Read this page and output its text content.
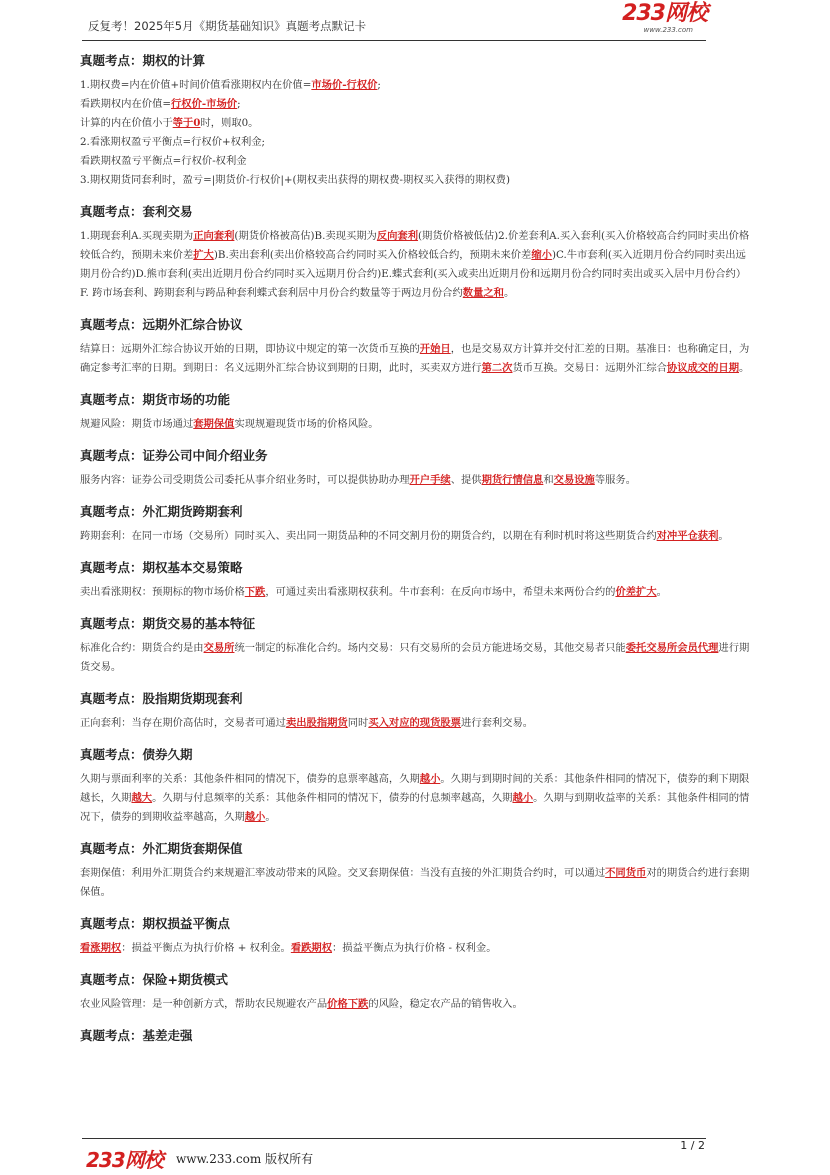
反复考！2025年5月《期货基础知识》真题考点默记卡	233网校
www.233.com
真题考点：期权的计算

1.期权费=内在价值+时间价值看涨期权内在价值=市场价-行权价;

看跌期权内在价值=行权价-市场价;

计算的内在价值小于等于0时，则取0。

2.看涨期权盈亏平衡点=行权价+权利金;

看跌期权盈亏平衡点=行权价-权利金

3.期权期货同套利时，盈亏=|期货价-行权价|+(期权卖出获得的期权费-期权买入获得的期权费)

真题考点：套利交易

1.期现套利A.买现卖期为正向套利(期货价格被高估)B.卖现买期为反向套利(期货价格被低估)2.价差套利A.买入套利(买入价格较高合约同时卖出价格较低合约，预期未来价差扩大)B.卖出套利(卖出价格较高合约同时买入价格较低合约，预期未来价差缩小)C.牛市套利(买入近期月份合约同时卖出远期月份合约)D.熊市套利(卖出近期月份合约同时买入远期月份合约)E.蝶式套利(买入或卖出近期月份和远期月份合约同时卖出或买入居中月份合约）F. 跨市场套利、跨期套利与跨品种套利蝶式套利居中月份合约数量等于两边月份合约数量之和。

真题考点：远期外汇综合协议

结算日：远期外汇综合协议开始的日期，即协议中规定的第一次货币互换的开始日，也是交易双方计算并交付汇差的日期。基准日：也称确定日，为确定参考汇率的日期。到期日：名义远期外汇综合协议到期的日期，此时，买卖双方进行第二次货币互换。交易日：远期外汇综合协议成交的日期。

真题考点：期货市场的功能

规避风险：期货市场通过套期保值实现规避现货市场的价格风险。

真题考点：证券公司中间介绍业务

服务内容：证券公司受期货公司委托从事介绍业务时，可以提供协助办理开户手续、提供期货行情信息和交易设施等服务。

真题考点：外汇期货跨期套利

跨期套利：在同一市场（交易所）同时买入、卖出同一期货品种的不同交割月份的期货合约，以期在有利时机时将这些期货合约对冲平仓获利。

真题考点：期权基本交易策略

卖出看涨期权：预期标的物市场价格下跌，可通过卖出看涨期权获利。牛市套利：在反向市场中，希望未来两份合约的价差扩大。

真题考点：期货交易的基本特征

标准化合约：期货合约是由交易所统一制定的标准化合约。场内交易：只有交易所的会员方能进场交易，其他交易者只能委托交易所会员代理进行期货交易。

真题考点：股指期货期现套利

正向套利：当存在期价高估时，交易者可通过卖出股指期货同时买入对应的现货股票进行套利交易。

真题考点：债券久期

久期与票面利率的关系：其他条件相同的情况下，债券的息票率越高，久期越小。久期与到期时间的关系：其他条件相同的情况下，债券的剩下期限越长，久期越大。久期与付息频率的关系：其他条件相同的情况下，债券的付息频率越高，久期越小。久期与到期收益率的关系：其他条件相同的情况下，债券的到期收益率越高，久期越小。

真题考点：外汇期货套期保值

套期保值：利用外汇期货合约来规避汇率波动带来的风险。交叉套期保值：当没有直接的外汇期货合约时，可以通过不同货币对的期货合约进行套期保值。

真题考点：期权损益平衡点

看涨期权：损益平衡点为执行价格 + 权利金。看跌期权：损益平衡点为执行价格 - 权利金。

真题考点：保险+期货模式

农业风险管理：是一种创新方式，帮助农民规避农产品价格下跌的风险，稳定农产品的销售收入。

真题考点：基差走强
1 / 2
233网校 www.233.com 版权所有
